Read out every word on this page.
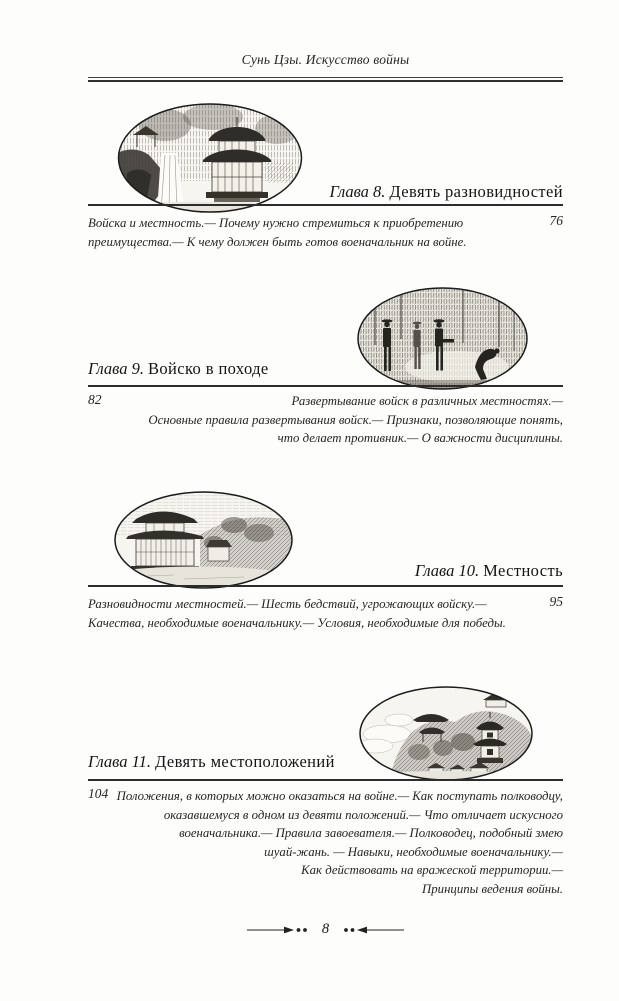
Сунь Цзы. Искусство войны
Глава 8. Девять разновидностей
Войска и местность.— Почему нужно стремиться к приобретению
преимущества.— К чему должен быть готов военачальник на войне.
76
Глава 9. Войско в походе
82	Развертывание войск в различных местностях.—
Основные правила развертывания войск.— Признаки, позволяющие понять,
что делает противник.— О важности дисциплины.
Глава 10. Местность
Разновидности местностей.— Шесть бедствий, угрожающих войску.—
Качества, необходимые военачальнику.— Условия, необходимые для победы.
95
Глава 11. Девять местоположений
104 Положения, в которых можно оказаться на войне.— Как поступать полководцу,
оказавшемуся в одном из девяти положений.— Что отличает искусного
военачальника.— Правила завоевателя.— Полководец, подобный змею
шуай-жань. — Навыки, необходимые военачальнику.—
Как действовать на вражеской территории.—
Принципы ведения войны.
8
